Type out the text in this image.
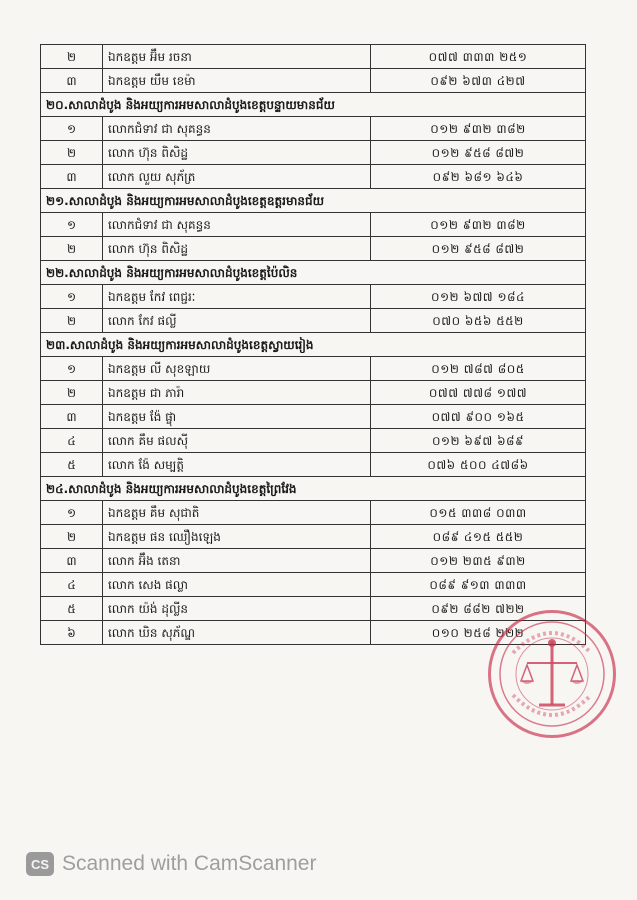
២	ឯកឧត្តម អ៊ឹម រចនា	០៧៧ ៣៣៣ ២៥១
៣	ឯកឧត្តម យឹម ខេម៉ា	០៩២ ៦៧៣ ៤២៧
២០.សាលាដំបូង និងអយ្យការអមសាលាដំបូងខេត្តបន្ទាយមានជ័យ		
១	លោកជំទាវ ជា សុគន្ធន	០១២ ៩៣២ ៣៨២
២	លោក ហ៊ុន ពិសិដ្ឋ	០១២ ៩៥៨ ៨៧២
៣	លោក លួយ សុភ័ត្រ	០៩២ ៦៨១ ៦៤៦
២១.សាលាដំបូង និងអយ្យការអមសាលាដំបូងខេត្តឧត្តរមានជ័យ		
១	លោកជំទាវ ជា សុគន្ធន	០១២ ៩៣២ ៣៨២
២	លោក ហ៊ុន ពិសិដ្ឋ	០១២ ៩៥៨ ៨៧២
២២.សាលាដំបូង និងអយ្យការអមសាលាដំបូងខេត្តប៉ៃលិន		
១	ឯកឧត្តម កែវ ពេជ្ជរៈ	០១២ ៦៧៧ ១៨៤
២	លោក កែវ ផល្លី	០៧០ ៦៥៦ ៥៥២
២៣.សាលាដំបូង និងអយ្យការអមសាលាដំបូងខេត្តស្វាយរៀង		
១	ឯកឧត្តម លី សុខឡាយ	០១២ ៧៨៧ ៨០៥
២	ឯកឧត្តម ជា ភារ៉ា	០៧៧ ៧៧៨ ១៧៧
៣	ឯកឧត្តម ង៉ែ ផ្ចុា	០៧៧ ៩០០ ១៦៥
៤	លោក គឹម ផលស៊ី	០១២ ៦៩៧ ៦៨៩
៥	លោក ង៉ែ សម្បត្តិ	០៧៦ ៥០០ ៤៧៨៦
២៤.សាលាដំបូង និងអយ្យការអមសាលាដំបូងខេត្តព្រៃវែង		
១	ឯកឧត្តម គឹម សុជាតិ	០១៥ ៣៣៨ ០៣៣
២	ឯកឧត្តម ផន ឈឿងឡេង	០៨៩ ៤១៥ ៥៥២
៣	លោក អ៊ឹង តេនា	០១២ ២៣៥ ៩៣២
៤	លោក សេង ផល្លា	០៨៩ ៩១៣ ៣៣៣
៥	លោក យ៉ង់ ដុល្លីន	០៩២ ៨៨២ ៧២២
៦	លោក ឃិន សុភ័ណ្ឌ	០១០ ២៥៨ ២២២
CS Scanned with CamScanner
